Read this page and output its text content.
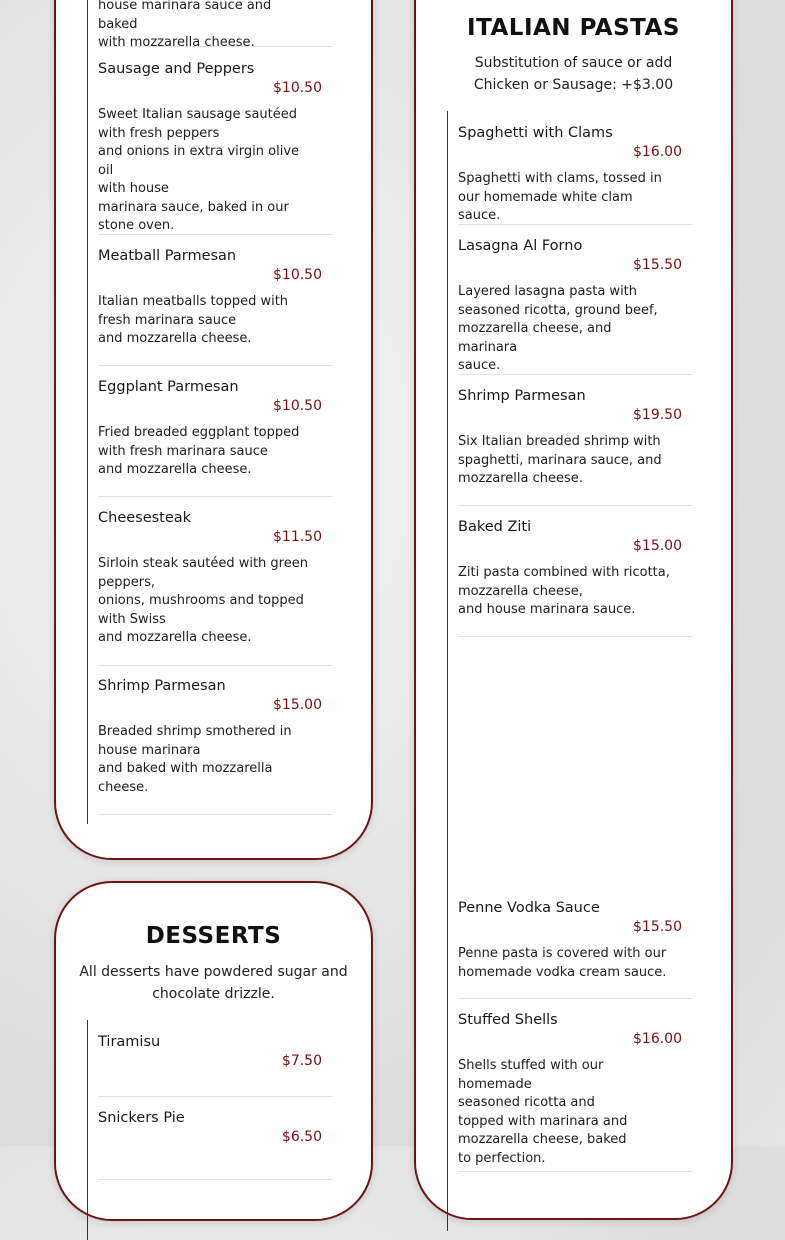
house marinara sauce and baked
with mozzarella cheese.
Sausage and Peppers
$10.50
Sweet Italian sausage sautéed
with fresh peppers
and onions in extra virgin olive oil
with house
marinara sauce, baked in our
stone oven.
Meatball Parmesan
$10.50
Italian meatballs topped with
fresh marinara sauce
and mozzarella cheese.
Eggplant Parmesan
$10.50
Fried breaded eggplant topped
with fresh marinara sauce
and mozzarella cheese.
Cheesesteak
$11.50
Sirloin steak sautéed with green
peppers,
onions, mushrooms and topped
with Swiss
and mozzarella cheese.
Shrimp Parmesan
$15.00
Breaded shrimp smothered in
house marinara
and baked with mozzarella
cheese.
DESSERTS

All desserts have powdered sugar and chocolate drizzle.

Tiramisu
$7.50
Snickers Pie
$6.50
ITALIAN PASTAS

Substitution of sauce or add Chicken or Sausage: +$3.00

Spaghetti with Clams
$16.00
Spaghetti with clams, tossed in
our homemade white clam sauce.
Lasagna Al Forno
$15.50
Layered lasagna pasta with
seasoned ricotta, ground beef,
mozzarella cheese, and marinara
sauce.
Shrimp Parmesan
$19.50
Six Italian breaded shrimp with
spaghetti, marinara sauce, and
mozzarella cheese.
Baked Ziti
$15.00
Ziti pasta combined with ricotta,
mozzarella cheese,
and house marinara sauce.
Penne Vodka Sauce
$15.50
Penne pasta is covered with our
homemade vodka cream sauce.
Stuffed Shells
$16.00
Shells stuffed with our homemade
seasoned ricotta and
topped with marinara and
mozzarella cheese, baked
to perfection.
